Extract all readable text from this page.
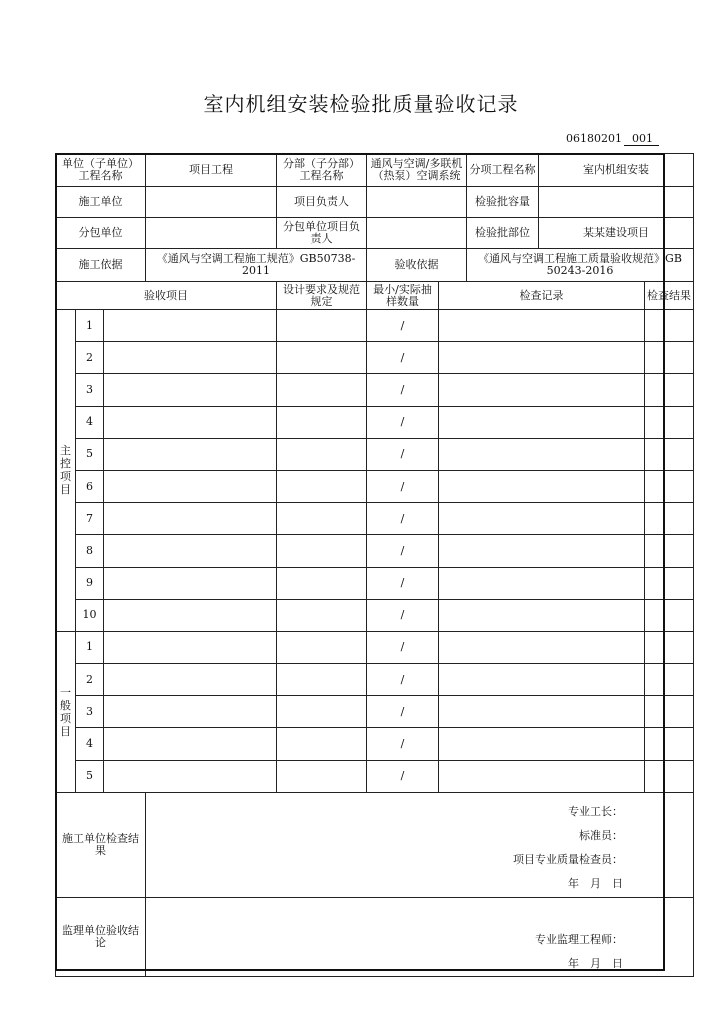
室内机组安装检验批质量验收记录
06180201 001
单位（子单位）工程名称			项目工程	分部（子分部）工程名称	通风与空调/多联机（热泵）空调系统		分项工程名称	室内机组安装	
施工单位				项目负责人			检验批容量		
分包单位				分包单位项目负责人			检验批部位	某某建设项目	
施工依据			《通风与空调工程施工规范》GB50738-2011		验收依据		《通风与空调工程施工质量验收规范》GB 50243-2016		
验收项目				设计要求及规范规定	最小/实际抽样数量	检查记录			检查结果
主控项目	1				/				
	2				/				
	3				/				
	4				/				
	5				/				
	6				/				
	7				/				
	8				/				
	9				/				
	10				/				
一般项目	1				/				
	2				/				
	3				/				
	4				/				
	5				/				
施工单位检查结果			专业工长：
标准员：
项目专业质量检查员：
年　月　日						

监理单位验收结论			专业监理工程师：
年　月　日						
